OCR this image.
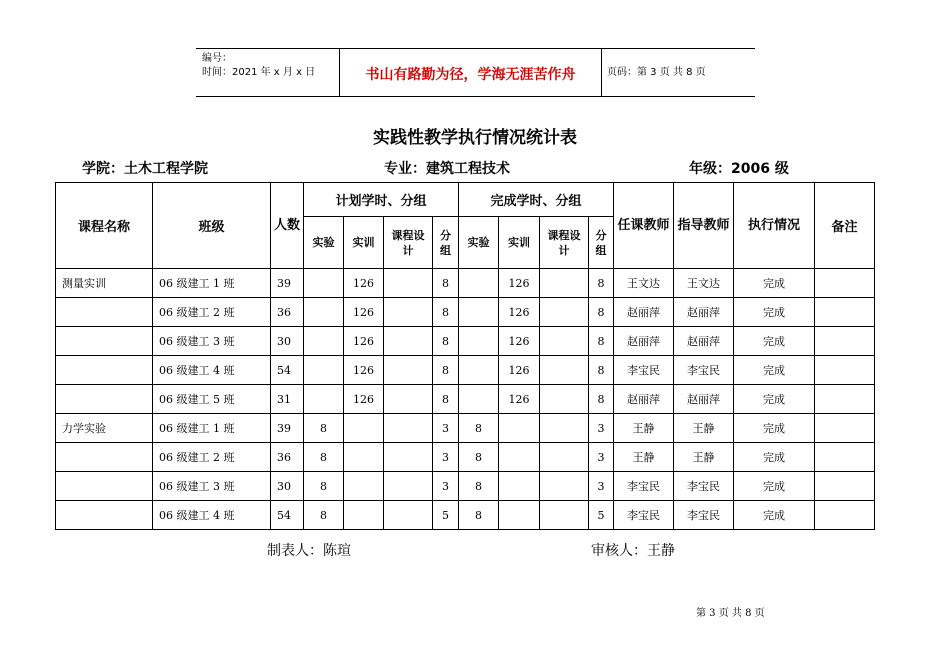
编号：
时间：2021 年 x 月 x 日	书山有路勤为径，学海无涯苦作舟	页码：第 3 页 共 8 页
实践性教学执行情况统计表
学院：土木工程学院	专业：建筑工程技术	年级：2006 级
课程名称	班级	人数	计划学时、分组				完成学时、分组				任课教师	指导教师	执行情况	备注
			实验	实训	课程设计	分组	实验	实训	课程设计	分组				
测量实训	06 级建工 1 班	39		126		8		126		8	王文达	王文达	完成	
	06 级建工 2 班	36		126		8		126		8	赵丽萍	赵丽萍	完成	
	06 级建工 3 班	30		126		8		126		8	赵丽萍	赵丽萍	完成	
	06 级建工 4 班	54		126		8		126		8	李宝民	李宝民	完成	
	06 级建工 5 班	31		126		8		126		8	赵丽萍	赵丽萍	完成	
力学实验	06 级建工 1 班	39	8			3	8			3	王静	王静	完成	
	06 级建工 2 班	36	8			3	8			3	王静	王静	完成	
	06 级建工 3 班	30	8			3	8			3	李宝民	李宝民	完成	
	06 级建工 4 班	54	8			5	8			5	李宝民	李宝民	完成	
制表人：陈瑄	审核人：王静
第 3 页 共 8 页
